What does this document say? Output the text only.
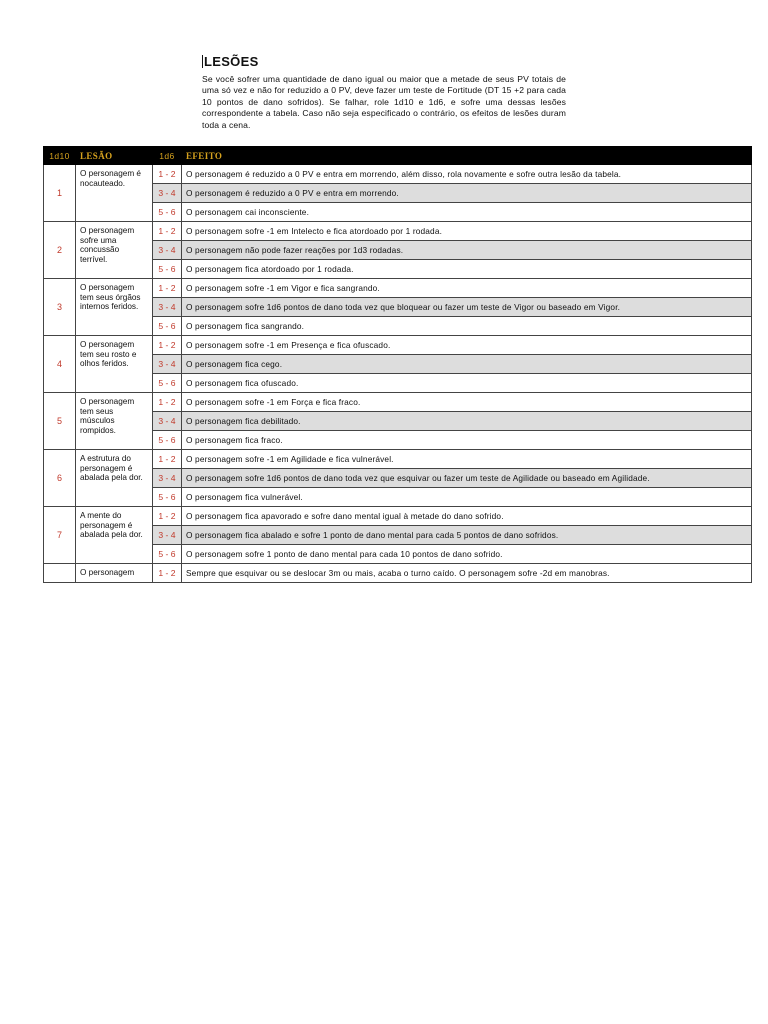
LESÕES

Se você sofrer uma quantidade de dano igual ou maior que a metade de seus PV totais de uma só vez e não for reduzido a 0 PV, deve fazer um teste de Fortitude (DT 15 +2 para cada 10 pontos de dano sofridos). Se falhar, role 1d10 e 1d6, e sofre uma dessas lesões correspondente a tabela. Caso não seja especificado o contrário, os efeitos de lesões duram toda a cena.

1d10	LESÃO	1d6	EFEITO
1	O personagem é nocauteado.	1 - 2	O personagem é reduzido a 0 PV e entra em morrendo, além disso, rola novamente e sofre outra lesão da tabela.
		3 - 4	O personagem é reduzido a 0 PV e entra em morrendo.
		5 - 6	O personagem cai inconsciente.
2	O personagem sofre uma concussão terrível.	1 - 2	O personagem sofre -1 em Intelecto e fica atordoado por 1 rodada.
		3 - 4	O personagem não pode fazer reações por 1d3 rodadas.
		5 - 6	O personagem fica atordoado por 1 rodada.
3	O personagem tem seus órgãos internos feridos.	1 - 2	O personagem sofre -1 em Vigor e fica sangrando.
		3 - 4	O personagem sofre 1d6 pontos de dano toda vez que bloquear ou fazer um teste de Vigor ou baseado em Vigor.
		5 - 6	O personagem fica sangrando.
4	O personagem tem seu rosto e olhos feridos.	1 - 2	O personagem sofre -1 em Presença e fica ofuscado.
		3 - 4	O personagem fica cego.
		5 - 6	O personagem fica ofuscado.
5	O personagem tem seus músculos rompidos.	1 - 2	O personagem sofre -1 em Força e fica fraco.
		3 - 4	O personagem fica debilitado.
		5 - 6	O personagem fica fraco.
6	A estrutura do personagem é abalada pela dor.	1 - 2	O personagem sofre -1 em Agilidade e fica vulnerável.
		3 - 4	O personagem sofre 1d6 pontos de dano toda vez que esquivar ou fazer um teste de Agilidade ou baseado em Agilidade.
		5 - 6	O personagem fica vulnerável.
7	A mente do personagem é abalada pela dor.	1 - 2	O personagem fica apavorado e sofre dano mental igual à metade do dano sofrido.
		3 - 4	O personagem fica abalado e sofre 1 ponto de dano mental para cada 5 pontos de dano sofridos.
		5 - 6	O personagem sofre 1 ponto de dano mental para cada 10 pontos de dano sofrido.
	O personagem	1 - 2	Sempre que esquivar ou se deslocar 3m ou mais, acaba o turno caído. O personagem sofre -2d em manobras.
